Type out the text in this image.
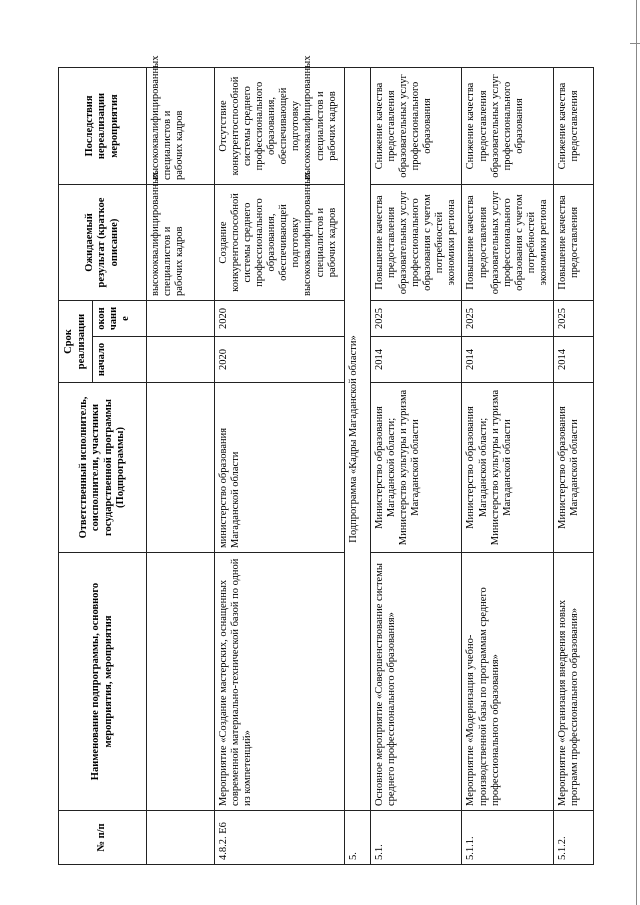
№ п/п	Наименование подпрограммы, основного мероприятия, мероприятия	Ответственный исполнитель, соисполнители, участники государственной программы (Подпрограммы)	Срок реализации		Ожидаемый результат (краткое описание)	Последствия нереализации мероприятия
			начало	окончание		
					высококвалифицированных специалистов и рабочих кадров	высококвалифицированных специалистов и рабочих кадров
4.8.2. Е6	Мероприятие «Создание мастерских, оснащенных современной материально-технической базой по одной из компетенций»	министерство образования Магаданской области	2020	2020	Создание конкурентоспособной системы среднего профессионального образования, обеспечивающей подготовку высококвалифицированных специалистов и рабочих кадров	Отсутствие конкурентоспособной системы среднего профессионального образования, обеспечивающей подготовку высококвалифицированных специалистов и рабочих кадров
5.	Подпрограмма «Кадры Магаданской области»					
5.1.	Основное мероприятие «Совершенствование системы среднего профессионального образования»	Министерство образования Магаданской области; Министерство культуры и туризма Магаданской области	2014	2025	Повышение качества предоставления образовательных услуг профессионального образования с учетом потребностей экономики региона	Снижение качества предоставления образовательных услуг профессионального образования
5.1.1.	Мероприятие «Модернизация учебно-производственной базы по программам среднего профессионального образования»	Министерство образования Магаданской области; Министерство культуры и туризма Магаданской области	2014	2025	Повышение качества предоставления образовательных услуг профессионального образования с учетом потребностей экономики региона	Снижение качества предоставления образовательных услуг профессионального образования
5.1.2.	Мероприятие «Организация внедрения новых программ профессионального образования»	Министерство образования Магаданской области	2014	2025	Повышение качества предоставления	Снижение качества предоставления
